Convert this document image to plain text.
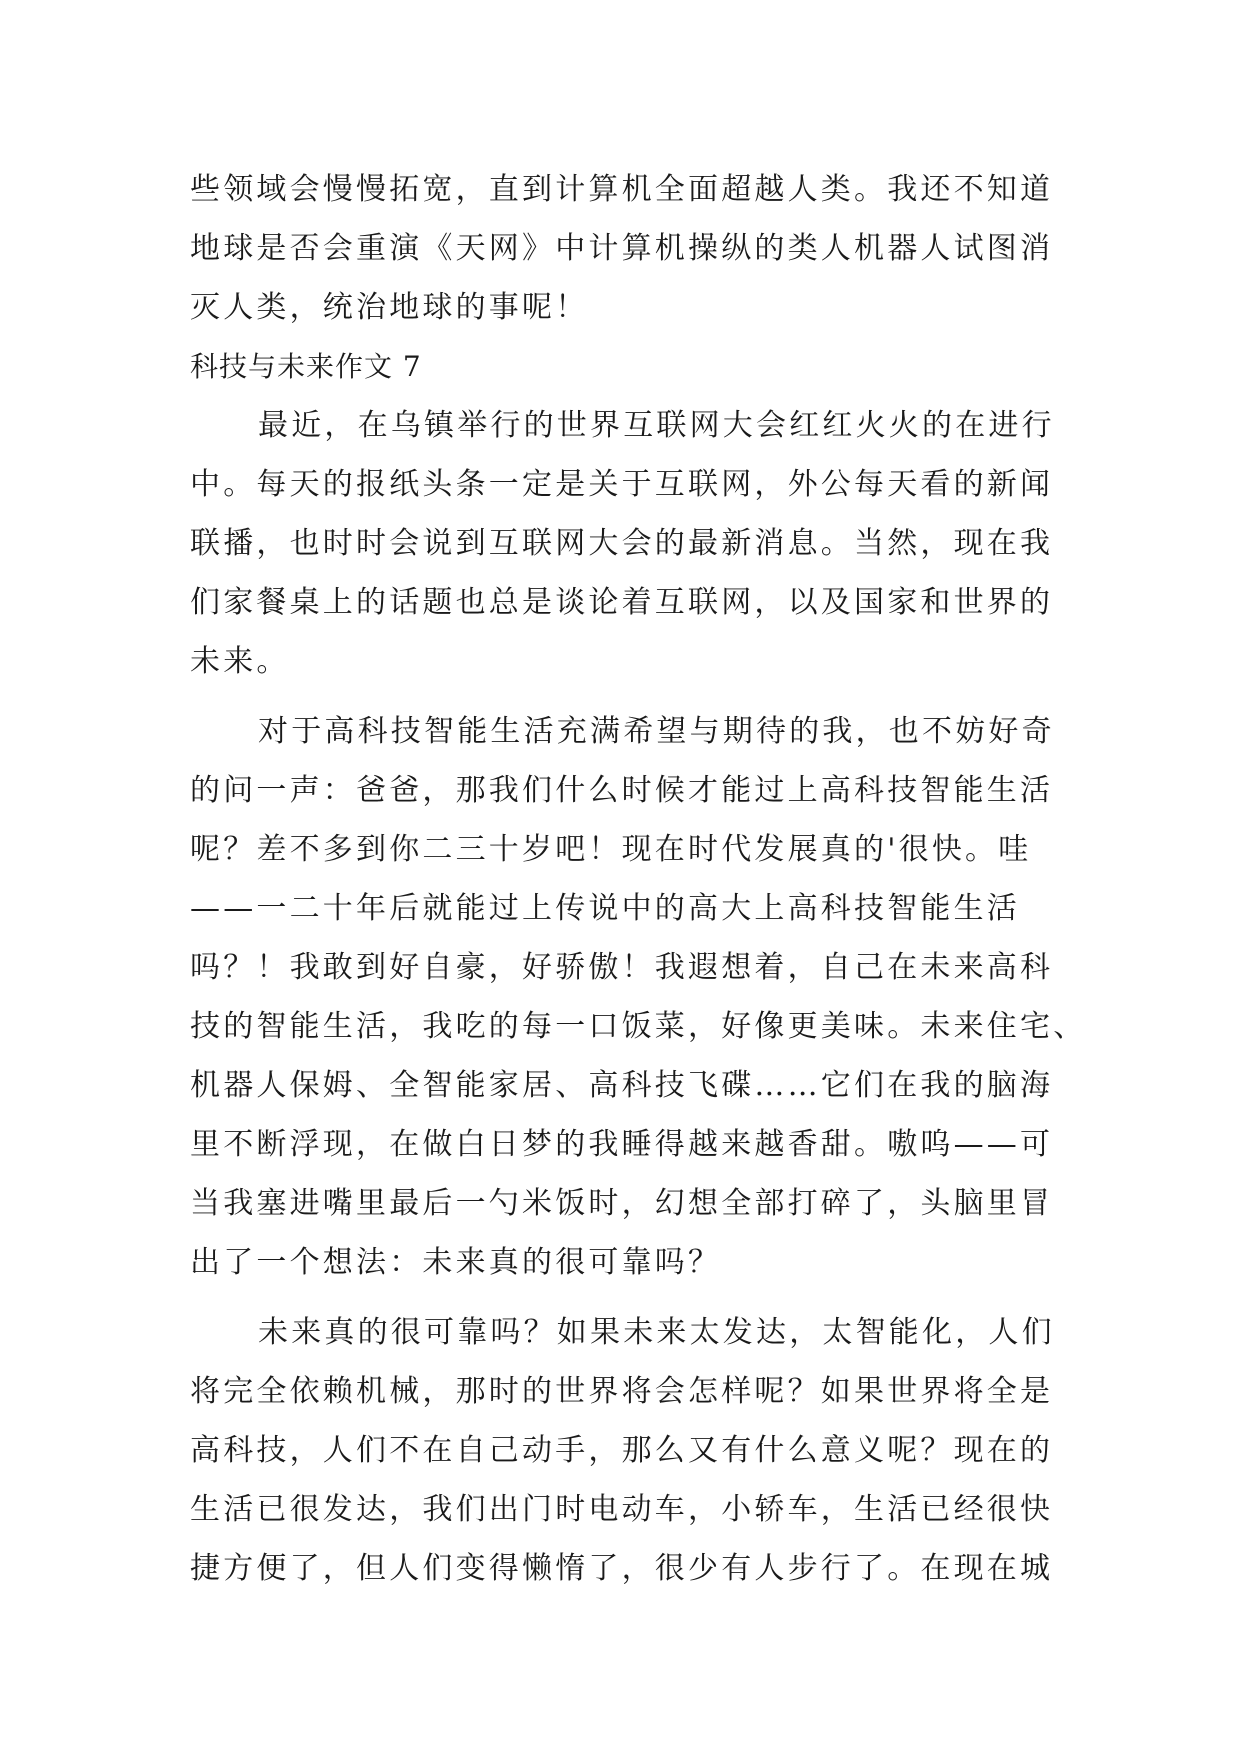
些领域会慢慢拓宽，直到计算机全面超越人类。我还不知道
地球是否会重演《天网》中计算机操纵的类人机器人试图消
灭人类，统治地球的事呢！
科技与未来作文 7
最近，在乌镇举行的世界互联网大会红红火火的在进行
中。每天的报纸头条一定是关于互联网，外公每天看的新闻
联播，也时时会说到互联网大会的最新消息。当然，现在我
们家餐桌上的话题也总是谈论着互联网，以及国家和世界的
未来。
对于高科技智能生活充满希望与期待的我，也不妨好奇
的问一声：爸爸，那我们什么时候才能过上高科技智能生活
呢？差不多到你二三十岁吧！现在时代发展真的'很快。哇
——一二十年后就能过上传说中的高大上高科技智能生活
吗？！我敢到好自豪，好骄傲！我遐想着，自己在未来高科
技的智能生活，我吃的每一口饭菜，好像更美味。未来住宅、
机器人保姆、全智能家居、高科技飞碟……它们在我的脑海
里不断浮现，在做白日梦的我睡得越来越香甜。嗷呜——可
当我塞进嘴里最后一勺米饭时，幻想全部打碎了，头脑里冒
出了一个想法：未来真的很可靠吗？
未来真的很可靠吗？如果未来太发达，太智能化，人们
将完全依赖机械，那时的世界将会怎样呢？如果世界将全是
高科技，人们不在自己动手，那么又有什么意义呢？现在的
生活已很发达，我们出门时电动车，小轿车，生活已经很快
捷方便了，但人们变得懒惰了，很少有人步行了。在现在城
